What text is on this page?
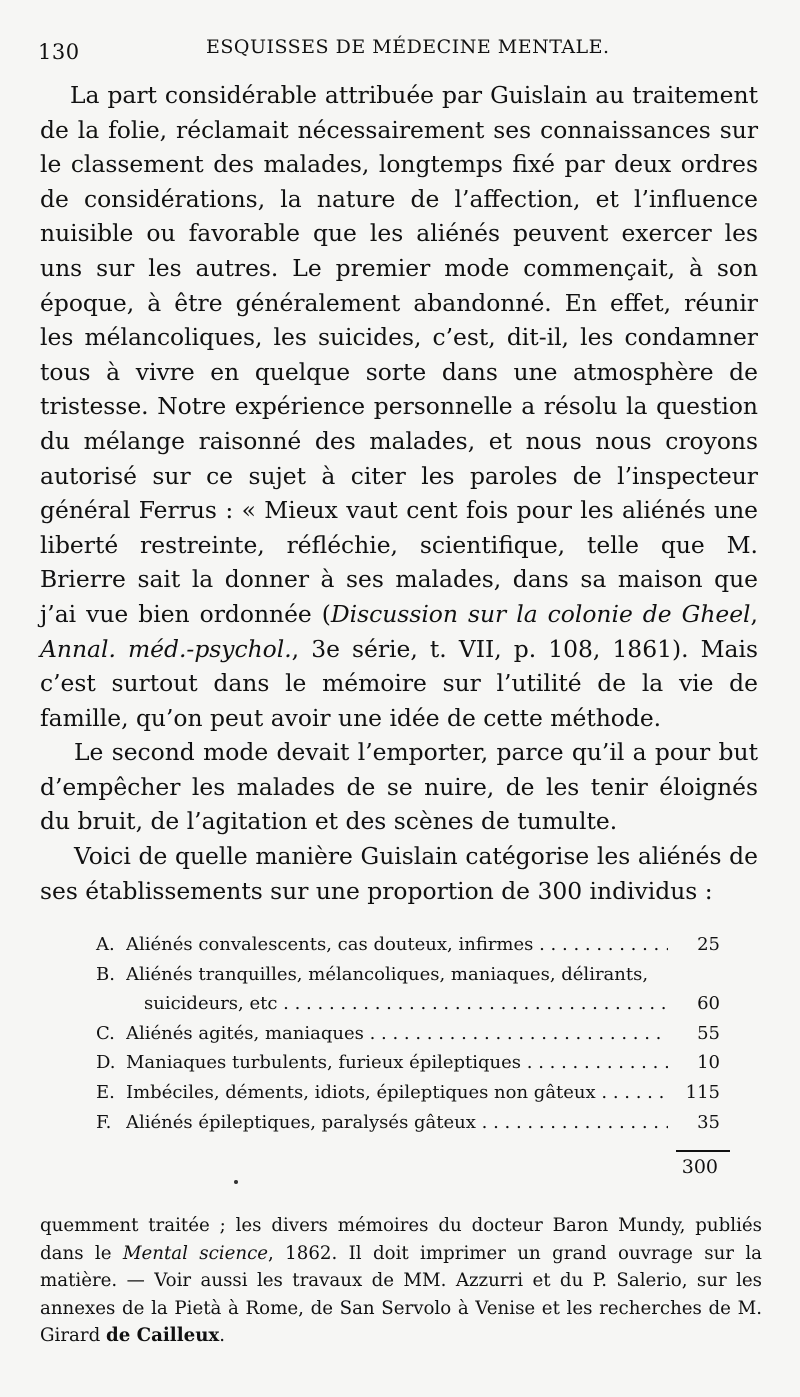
130	ESQUISSES DE MÉDECINE MENTALE.

La part considérable attribuée par Guislain au traitement de la folie, réclamait nécessairement ses connaissances sur le classement des malades, longtemps fixé par deux ordres de considérations, la nature de l’affection, et l’influence nuisible ou favorable que les aliénés peuvent exercer les uns sur les autres. Le premier mode commençait, à son époque, à être généralement abandonné. En effet, réunir les mélancoliques, les suicides, c’est, dit-il, les condamner tous à vivre en quelque sorte dans une atmosphère de tristesse. Notre expérience personnelle a résolu la question du mélange raisonné des malades, et nous nous croyons autorisé sur ce sujet à citer les paroles de l’inspecteur général Ferrus : « Mieux vaut cent fois pour les aliénés une liberté restreinte, réfléchie, scientifique, telle que M. Brierre sait la donner à ses malades, dans sa maison que j’ai vue bien ordonnée (Discussion sur la colonie de Gheel, Annal. méd.-psychol., 3e série, t. VII, p. 108, 1861). Mais c’est surtout dans le mémoire sur l’utilité de la vie de famille, qu’on peut avoir une idée de cette méthode.

Le second mode devait l’emporter, parce qu’il a pour but d’empêcher les malades de se nuire, de les tenir éloignés du bruit, de l’agitation et des scènes de tumulte.

Voici de quelle manière Guislain catégorise les aliénés de ses établissements sur une proportion de 300 individus :

A. Aliénés convalescents, cas douteux, infirmes . . .	25
B. Aliénés tranquilles, mélancoliques, maniaques, délirants,
suicideurs, etc . . .	60
C. Aliénés agités, maniaques . . .	55
D. Maniaques turbulents, furieux épileptiques . . .	10
E. Imbéciles, déments, idiots, épileptiques non gâteux . . .	115
F. Aliénés épileptiques, paralysés gâteux . . .	35
300

quemment traitée ; les divers mémoires du docteur Baron Mundy, publiés dans le Mental science, 1862. Il doit imprimer un grand ouvrage sur la matière. — Voir aussi les travaux de MM. Azzurri et du P. Salerio, sur les annexes de la Pietà à Rome, de San Servolo à Venise et les recherches de M. Girard de Cailleux.
